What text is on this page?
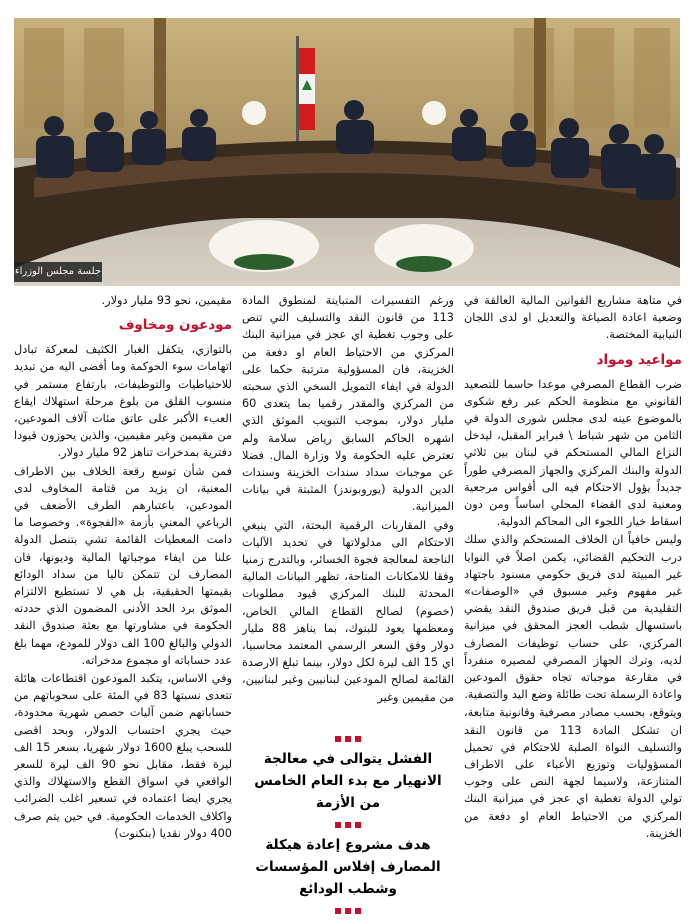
جلسة مجلس الوزراء

في متاهة مشاريع القوانين المالية العالقة في وضعية اعادة الصياغة والتعديل او لدى اللجان النيابية المختصة.

مواعيد ومواد

ضرب القطاع المصرفي موعدا حاسما للتصعيد القانوني مع منظومة الحكم عبر رفع شكوى بالموضوع عينه لدى مجلس شورى الدولة في الثامن من شهر شباط \ فبراير المقبل، ليدخل النزاع المالي المستحكم في لبنان بين ثلاثي الدولة والبنك المركزي والجهاز المصرفي طوراً جديداً يؤول الاحتكام فيه الى أقواس مرجعية ومعنية لدى القضاء المحلي اساساً ومن دون اسقاط خيار اللجوء الى المحاكم الدولية.

وليس خافياً ان الخلاف المستحكم والذي سلك درب التحكيم القضائي، يكمن اصلاً في النوايا غير المبيتة لدى فريق حكومي مسنود باجتهاد غير مفهوم وغير مسبوق في «الوصفات» التقليدية من قبل فريق صندوق النقد يقضي باستسهال شطب العجز المحقق في ميزانية المركزي، على حساب توظيفات المصارف لديه، وترك الجهاز المصرفي لمصيره منفرداً في مقارعة موجباته تجاه حقوق المودعين واعادة الرسملة تحت طائلة وضع اليد والتصفية.

ويتوقع، بحسب مصادر مصرفية وقانونية متابعة، ان تشكل المادة 113 من قانون النقد والتسليف النواة الصلبة للاحتكام في تحميل المسؤوليات وتوزيع الأعباء على الاطراف المتنازعة، ولاسيما لجهة النص على وجوب تولي الدولة تغطية اي عجز في ميزانية البنك المركزي من الاحتياط العام او دفعة من الخزينة.

ورغم التفسيرات المتباينة لمنطوق المادة 113 من قانون النقد والتسليف التي تنص على وجوب تغطية اي عجز في ميزانية البنك المركزي من الاحتياط العام او دفعة من الخزينة، فان المسؤولية مترتبة حكما على الدولة في ايفاء التمويل السخي الذي سحبته من المركزي والمقدر رقميا بما يتعدى 60 مليار دولار، بموجب التبويب الموثق الذي اشهره الحاكم السابق رياض سلامة ولم تعترض عليه الحكومة ولا وزارة المال. فضلا عن موجبات سداد سندات الخزينة وسندات الدين الدولية (يوروبوندز) المثبتة في بيانات الميزانية.

وفي المقاربات الرقمية البحتة، التي ينبغي الاحتكام الى مدلولاتها في تحديد الآليات الناجعة لمعالجة فجوة الخسائر، وبالتدرج زمنيا وفقا للامكانات المتاحة، تظهر البيانات المالية المحدثة للبنك المركزي قيود مطلوبات (خصوم) لصالح القطاع المالي الخاص، ومعظمها يعود للبنوك، بما يناهز 88 مليار دولار وفق السعر الرسمي المعتمد محاسبيا، اي 15 الف ليرة لكل دولار، بينما تبلغ الارصدة القائمة لصالح المودعين لبنانيين وغير لبنانيين، من مقيمين وغير

الفشل يتوالى في معالجة الانهيار مع بدء العام الخامس من الأزمة
هدف مشروع إعادة هيكلة المصارف إفلاس المؤسسات وشطب الودائع

مقيمين، نحو 93 مليار دولار.

مودعون ومخاوف

بالتوازي، يتكفل الغبار الكثيف لمعركة تبادل اتهامات سوء الحوكمة وما أفضى اليه من تبديد للاحتياطيات والتوظيفات، بارتفاع مستمر في منسوب القلق من بلوغ مرحلة استهلاك ايقاع العبء الأكبر على عاتق مئات آلاف المودعين، من مقيمين وغير مقيمين، والذين يحوزون قيودا دفترية بمدخرات تناهز 92 مليار دولار.

فمن شأن توسع رقعة الخلاف بين الاطراف المعنية، ان يزيد من قتامة المخاوف لدى المودعين، باعتبارهم الطرف الأضعف في الرباعي المعني بأزمة «الفجوة». وخصوصا ما دامت المعطيات القائمة تشي بتنصل الدولة علنا من ايفاء موجباتها المالية وديونها، فان المصارف لن تتمكن تاليا من سداد الودائع بقيمتها الحقيقية، بل هي لا تستطيع الالتزام الموثق برد الحد الأدنى المضمون الذي حددته الحكومة في مشاورتها مع بعثة صندوق النقد الدولي والبالغ 100 الف دولار للمودع، مهما بلغ عدد حساباته او مجموع مدخراته.

وفي الاساس، يتكبد المودعون اقتطاعات هائلة تتعدى نسبتها 83 في المئة على سحوباتهم من حساباتهم ضمن آليات حصص شهرية محدودة، حيث يجري احتساب الدولار، وبحد اقصى للسحب يبلغ 1600 دولار شهريا، بسعر 15 الف ليرة فقط، مقابل نحو 90 الف ليرة للسعر الواقعي في اسواق القطع والاستهلاك والذي يجري ايضا اعتماده في تسعير اغلب الضرائب واكلاف الخدمات الحكومية. في حين يتم صرف 400 دولار نقديا (بنكنوت)
